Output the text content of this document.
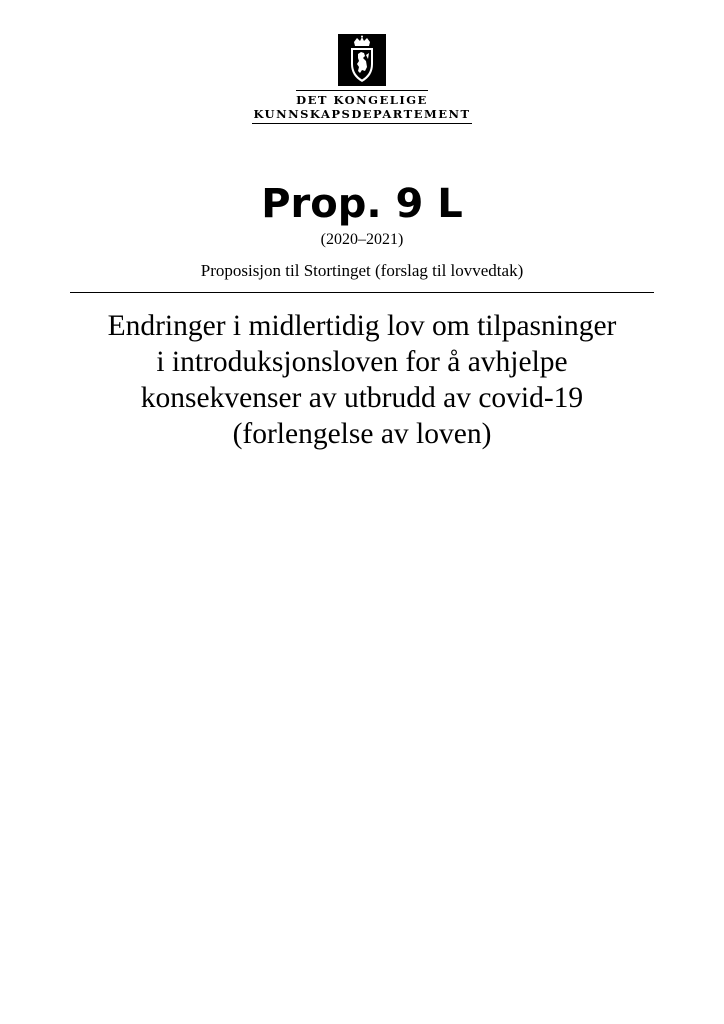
DET KONGELIGE
KUNNSKAPSDEPARTEMENT
Prop. 9 L
(2020–2021)
Proposisjon til Stortinget (forslag til lovvedtak)
Endringer i midlertidig lov om tilpasninger
i introduksjonsloven for å avhjelpe
konsekvenser av utbrudd av covid-19
(forlengelse av loven)
